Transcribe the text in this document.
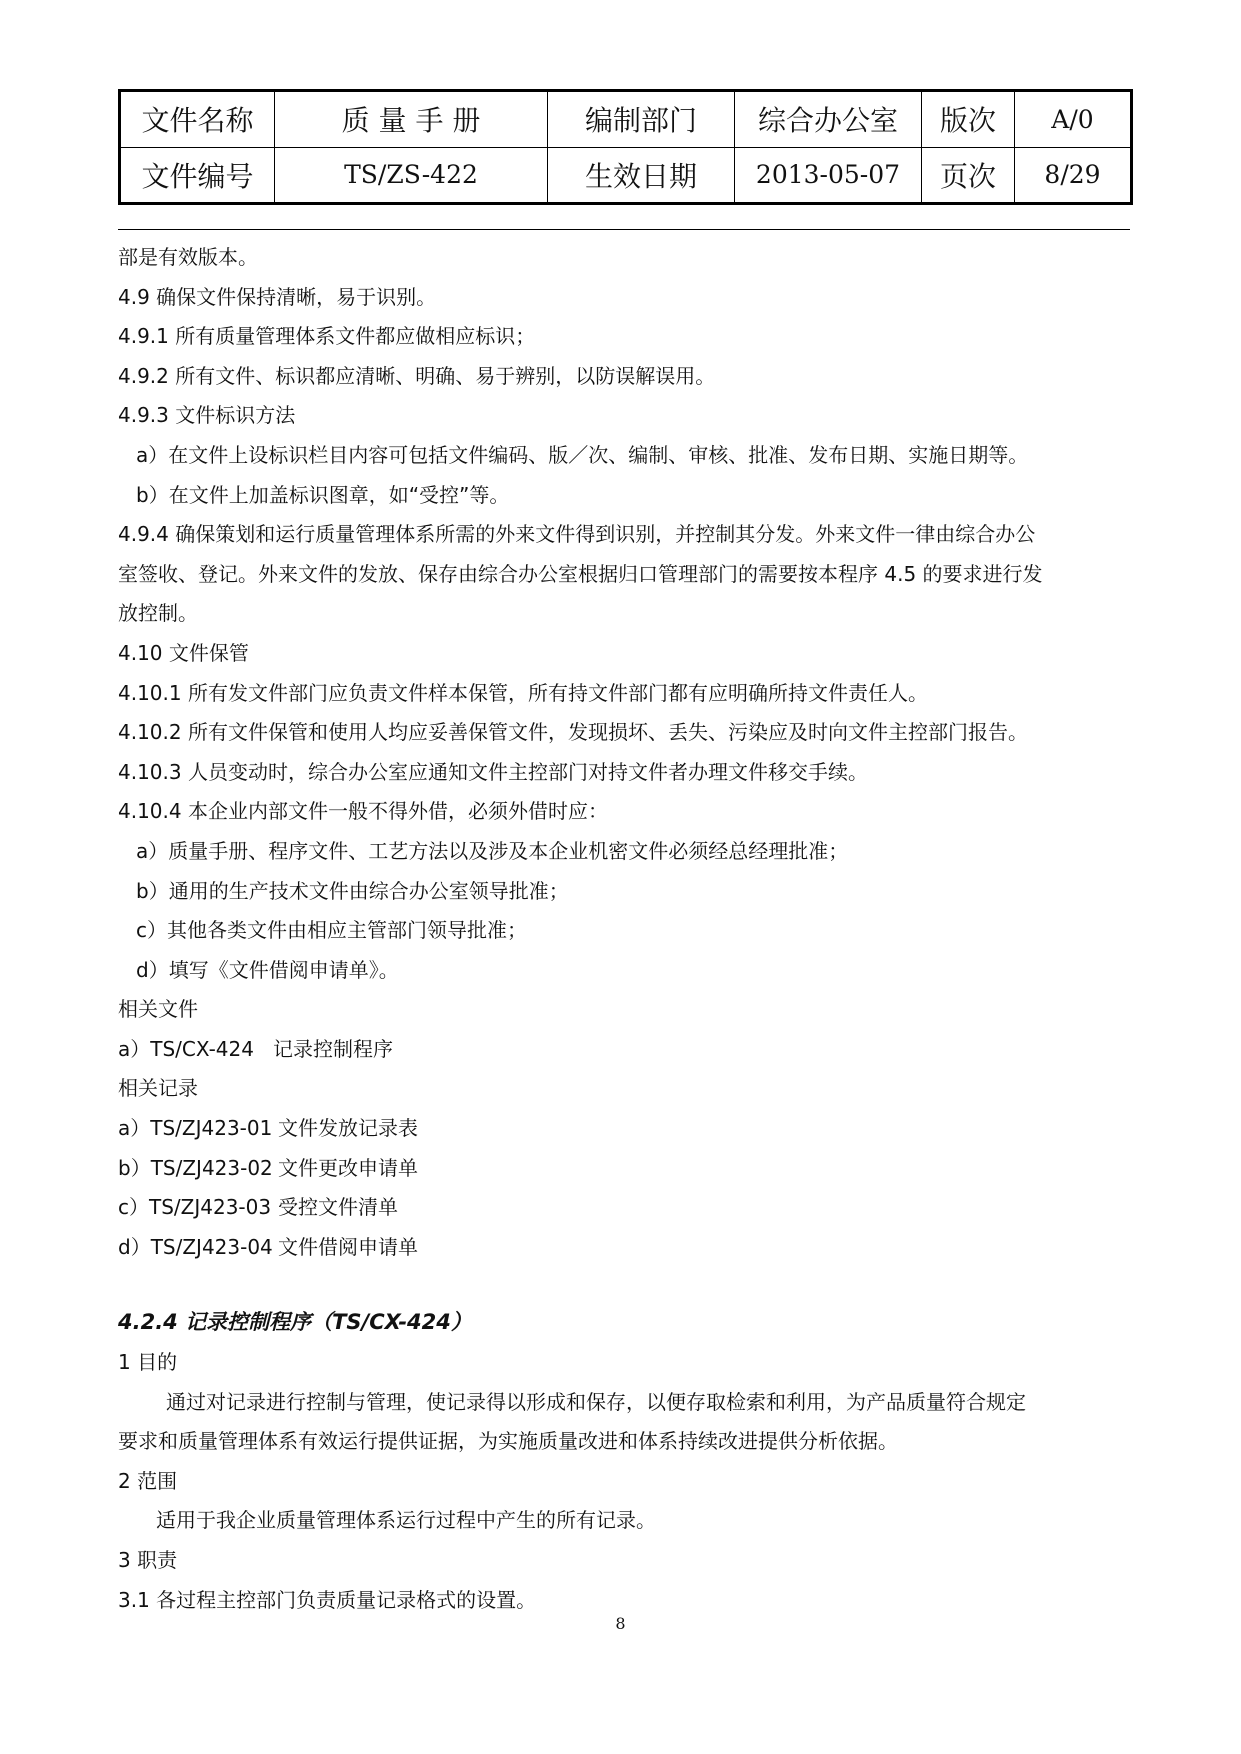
文件名称	质 量 手 册	编制部门	综合办公室	版次	A/0
文件编号	TS/ZS-422	生效日期	2013-05-07	页次	8/29
部是有效版本。
4.9 确保文件保持清晰，易于识别。
4.9.1 所有质量管理体系文件都应做相应标识；
4.9.2 所有文件、标识都应清晰、明确、易于辨别，以防误解误用。
4.9.3 文件标识方法
a）在文件上设标识栏目内容可包括文件编码、版／次、编制、审核、批准、发布日期、实施日期等。
b）在文件上加盖标识图章，如“受控”等。
4.9.4 确保策划和运行质量管理体系所需的外来文件得到识别，并控制其分发。外来文件一律由综合办公
室签收、登记。外来文件的发放、保存由综合办公室根据归口管理部门的需要按本程序 4.5 的要求进行发
放控制。
4.10 文件保管
4.10.1 所有发文件部门应负责文件样本保管，所有持文件部门都有应明确所持文件责任人。
4.10.2 所有文件保管和使用人均应妥善保管文件，发现损坏、丢失、污染应及时向文件主控部门报告。
4.10.3 人员变动时，综合办公室应通知文件主控部门对持文件者办理文件移交手续。
4.10.4 本企业内部文件一般不得外借，必须外借时应：
a）质量手册、程序文件、工艺方法以及涉及本企业机密文件必须经总经理批准；
b）通用的生产技术文件由综合办公室领导批准；
c）其他各类文件由相应主管部门领导批准；
d）填写《文件借阅申请单》。
相关文件
a）TS/CX-424 记录控制程序
相关记录
a）TS/ZJ423-01 文件发放记录表
b）TS/ZJ423-02 文件更改申请单
c）TS/ZJ423-03 受控文件清单
d）TS/ZJ423-04 文件借阅申请单
4.2.4 记录控制程序（TS/CX-424）
1 目的
通过对记录进行控制与管理，使记录得以形成和保存，以便存取检索和利用，为产品质量符合规定
要求和质量管理体系有效运行提供证据，为实施质量改进和体系持续改进提供分析依据。
2 范围
适用于我企业质量管理体系运行过程中产生的所有记录。
3 职责
3.1 各过程主控部门负责质量记录格式的设置。
8
